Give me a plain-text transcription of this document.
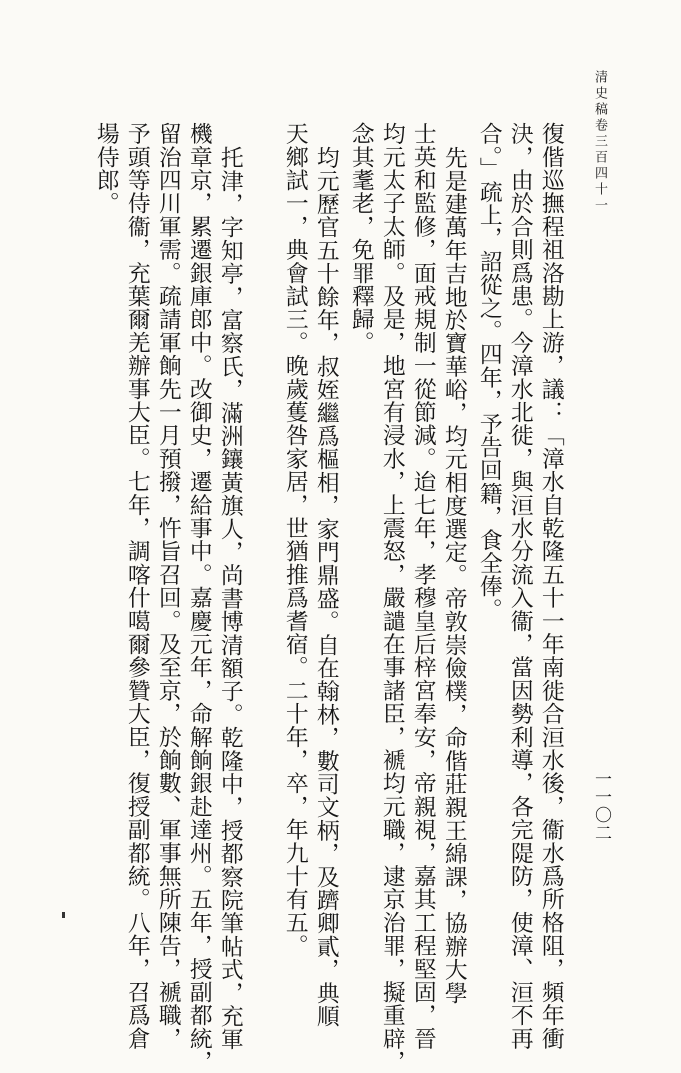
清史稿卷三百四十一
一一〇二
復偕巡撫程祖洛勘上游，議：「漳水自乾隆五十一年南徙合洹水後，衞水爲所格阻，頻年衝
決，由於合則爲患。今漳水北徙，與洹水分流入衞，當因勢利導，各完隄防，使漳、洹不再
合。」疏上，詔從之。四年，予告回籍，食全俸。
先是建萬年吉地於寶華峪，均元相度選定。帝敦崇儉樸，命偕莊親王綿課，協辦大學
士英和監修，面戒規制一從節減。迨七年，孝穆皇后梓宮奉安，帝親視，嘉其工程堅固，晉
均元太子太師。及是，地宮有浸水，上震怒，嚴譴在事諸臣，褫均元職，逮京治罪，擬重辟，
念其耄老，免罪釋歸。
均元歷官五十餘年，叔姪繼爲樞相，家門鼎盛。自在翰林，數司文柄，及躋卿貳，典順
天鄉試一，典會試三。晚歲蒦咎家居，世猶推爲耆宿。二十年，卒，年九十有五。
托津，字知亭，富察氏，滿洲鑲黃旗人，尚書博清額子。乾隆中，授都察院筆帖式，充軍
機章京，累遷銀庫郎中。改御史，遷給事中。嘉慶元年，命解餉銀赴達州。五年，授副都統，
留治四川軍需。疏請軍餉先一月預撥，忤旨召回。及至京，於餉數、軍事無所陳告，褫職，
予頭等侍衞，充葉爾羌辦事大臣。七年，調喀什噶爾參贊大臣，復授副都統。八年，召爲倉
場侍郎。
